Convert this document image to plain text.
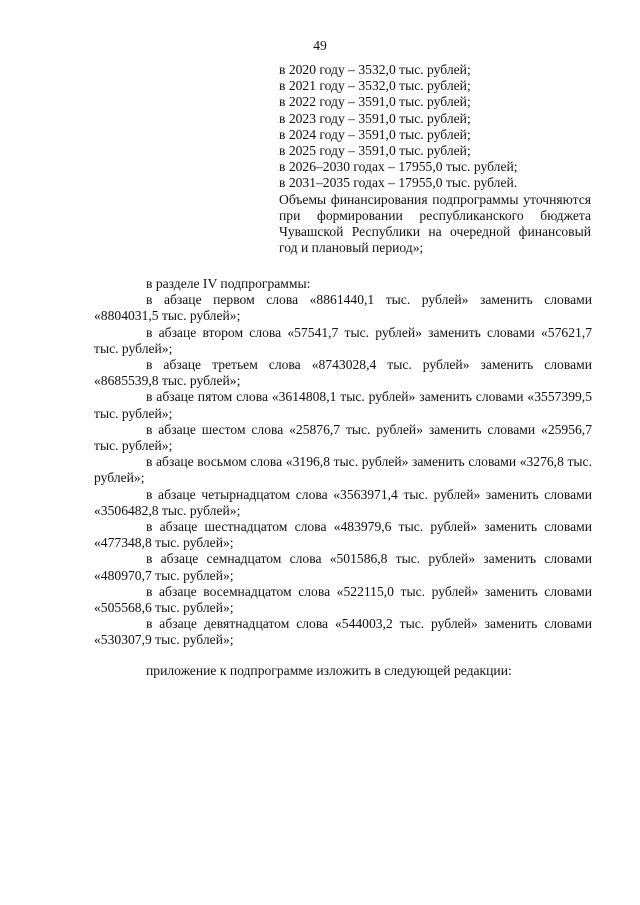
49
в 2020 году – 3532,0 тыс. рублей;
в 2021 году – 3532,0 тыс. рублей;
в 2022 году – 3591,0 тыс. рублей;
в 2023 году – 3591,0 тыс. рублей;
в 2024 году – 3591,0 тыс. рублей;
в 2025 году – 3591,0 тыс. рублей;
в 2026–2030 годах – 17955,0 тыс. рублей;
в 2031–2035 годах – 17955,0 тыс. рублей.
Объемы финансирования подпрограммы уточняются при формировании республиканского бюджета Чувашской Республики на очередной финансовый год и плановый период»;

в разделе IV подпрограммы:

в абзаце первом слова «8861440,1 тыс. рублей» заменить словами «8804031,5 тыс. рублей»;

в абзаце втором слова «57541,7 тыс. рублей» заменить словами «57621,7 тыс. рублей»;

в абзаце третьем слова «8743028,4 тыс. рублей» заменить словами «8685539,8 тыс. рублей»;

в абзаце пятом слова «3614808,1 тыс. рублей» заменить словами «3557399,5 тыс. рублей»;

в абзаце шестом слова «25876,7 тыс. рублей» заменить словами «25956,7 тыс. рублей»;

в абзаце восьмом слова «3196,8 тыс. рублей» заменить словами «3276,8 тыс. рублей»;

в абзаце четырнадцатом слова «3563971,4 тыс. рублей» заменить словами «3506482,8 тыс. рублей»;

в абзаце шестнадцатом слова «483979,6 тыс. рублей» заменить словами «477348,8 тыс. рублей»;

в абзаце семнадцатом слова «501586,8 тыс. рублей» заменить словами «480970,7 тыс. рублей»;

в абзаце восемнадцатом слова «522115,0 тыс. рублей» заменить словами «505568,6 тыс. рублей»;

в абзаце девятнадцатом слова «544003,2 тыс. рублей» заменить словами «530307,9 тыс. рублей»;

приложение к подпрограмме изложить в следующей редакции:
